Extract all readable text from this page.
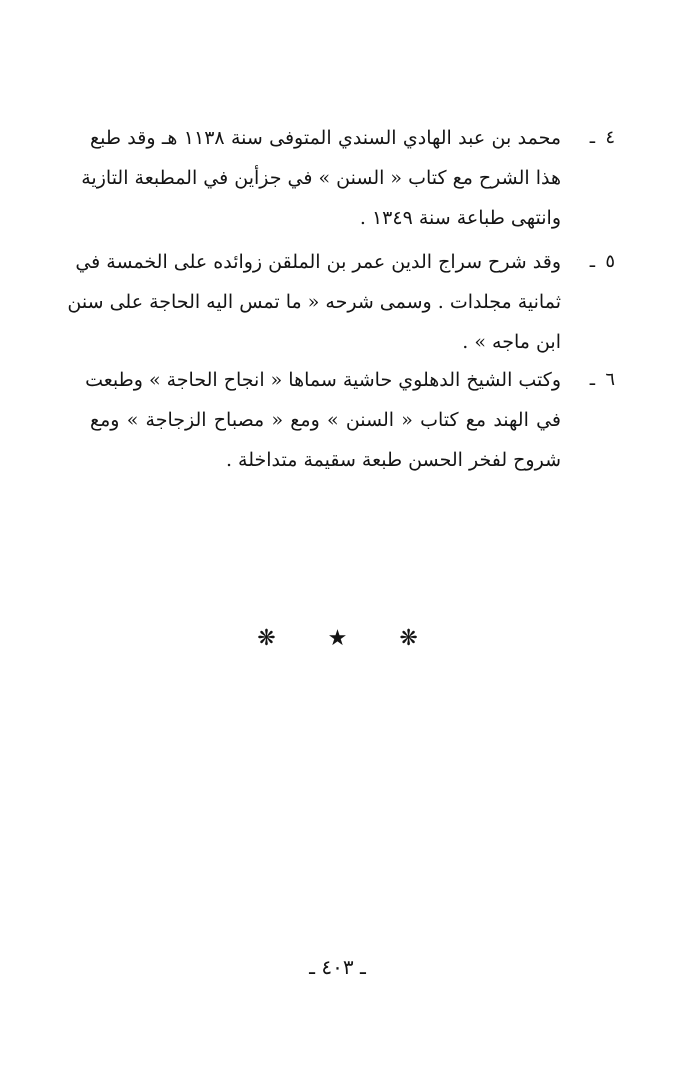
٤
ـ
محمد بن عبد الهادي السندي المتوفى سنة ١١٣٨ هـ وقد طبع
هذا الشرح مع كتاب « السنن » في جزأين في المطبعة التازية
وانتهى طباعة سنة ١٣٤٩ .
٥
ـ
وقد شرح سراج الدين عمر بن الملقن زوائده على الخمسة في
ثمانية مجلدات . وسمى شرحه « ما تمس اليه الحاجة على سنن
ابن ماجه » .
٦
ـ
وكتب الشيخ الدهلوي حاشية سماها « انجاح الحاجة » وطبعت
في الهند مع كتاب « السنن » ومع « مصباح الزجاجة » ومع
شروح لفخر الحسن طبعة سقيمة متداخلة .
❋ ★ ❋
ـ ٤٠٣ ـ
